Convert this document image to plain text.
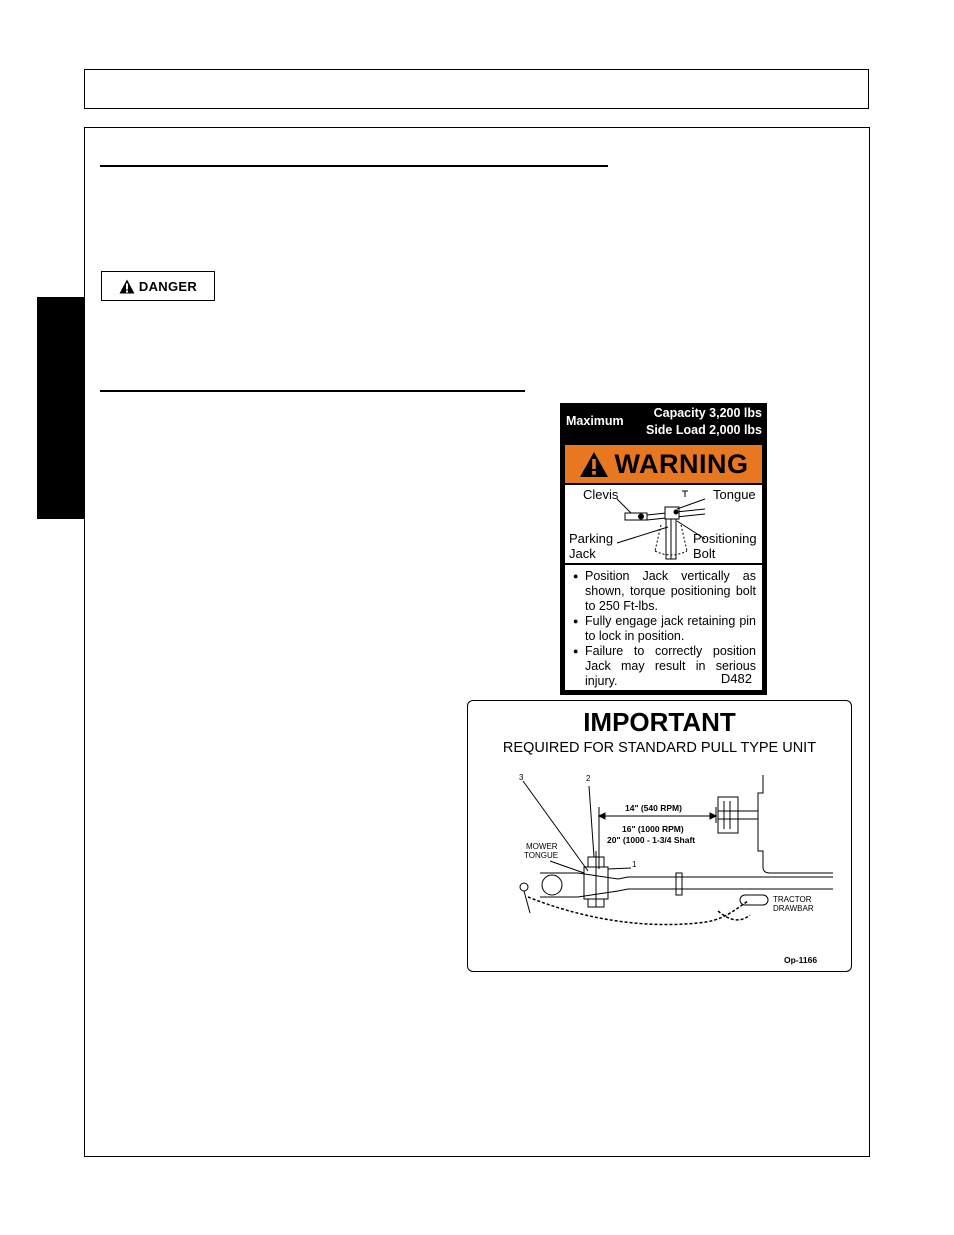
DANGER
Maximum
Capacity 3,200 lbs
Side Load 2,000 lbs
WARNING
Clevis	Tongue
Parking
Jack
Positioning
Bolt
● Position Jack vertically as shown, torque positioning bolt to 250 Ft-lbs.
● Fully engage jack retaining pin to lock in position.
● Failure to correctly position Jack may result in serious injury.	D482
IMPORTANT
REQUIRED FOR STANDARD PULL TYPE UNIT
3	2
1
14" (540 RPM)
16" (1000 RPM)
20" (1000 - 1-3/4 Shaft
MOWER
TONGUE
TRACTOR
DRAWBAR
Op-1166
